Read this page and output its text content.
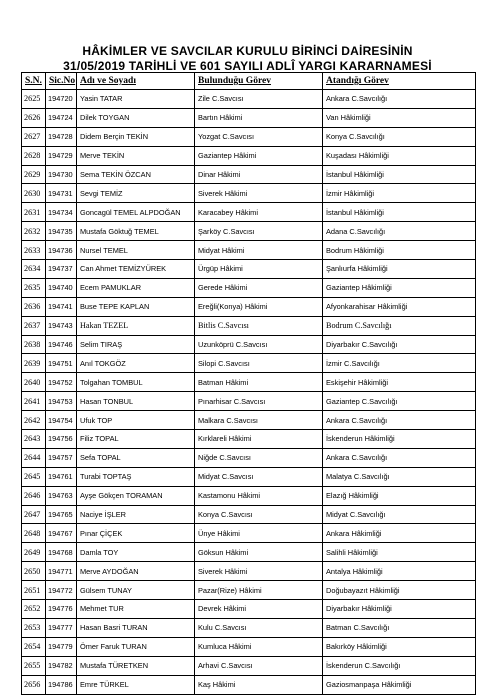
HÂKİMLER VE SAVCILAR KURULU BİRİNCİ DAİRESİNİN
31/05/2019 TARİHLİ VE 601 SAYILI ADLÎ YARGI KARARNAMESİ
S.N.	Sic.No	Adı ve Soyadı	Bulunduğu Görev	Atandığı Görev
2625	194720	Yasin TATAR	Zile C.Savcısı	Ankara C.Savcılığı
2626	194724	Dilek TOYGAN	Bartın Hâkimi	Van Hâkimliği
2627	194728	Didem Berçin TEKİN	Yozgat C.Savcısı	Konya C.Savcılığı
2628	194729	Merve TEKİN	Gaziantep Hâkimi	Kuşadası Hâkimliği
2629	194730	Sema TEKİN ÖZCAN	Dinar Hâkimi	İstanbul Hâkimliği
2630	194731	Sevgi TEMİZ	Siverek Hâkimi	İzmir Hâkimliği
2631	194734	Goncagül TEMEL ALPDOĞAN	Karacabey Hâkimi	İstanbul Hâkimliği
2632	194735	Mustafa Göktuğ TEMEL	Şarköy C.Savcısı	Adana C.Savcılığı
2633	194736	Nursel TEMEL	Midyat Hâkimi	Bodrum Hâkimliği
2634	194737	Can Ahmet TEMİZYÜREK	Ürgüp Hâkimi	Şanlıurfa Hâkimliği
2635	194740	Ecem PAMUKLAR	Gerede Hâkimi	Gaziantep Hâkimliği
2636	194741	Buse TEPE KAPLAN	Ereğli(Konya) Hâkimi	Afyonkarahisar Hâkimliği
2637	194743	Hakan TEZEL	Bitlis C.Savcısı	Bodrum C.Savcılığı
2638	194746	Selim TIRAŞ	Uzunköprü C.Savcısı	Diyarbakır C.Savcılığı
2639	194751	Anıl TOKGÖZ	Silopi C.Savcısı	İzmir C.Savcılığı
2640	194752	Tolgahan TOMBUL	Batman Hâkimi	Eskişehir Hâkimliği
2641	194753	Hasan TONBUL	Pınarhisar C.Savcısı	Gaziantep C.Savcılığı
2642	194754	Ufuk TOP	Malkara C.Savcısı	Ankara C.Savcılığı
2643	194756	Filiz TOPAL	Kırklareli Hâkimi	İskenderun Hâkimliği
2644	194757	Sefa TOPAL	Niğde C.Savcısı	Ankara C.Savcılığı
2645	194761	Turabi TOPTAŞ	Midyat C.Savcısı	Malatya C.Savcılığı
2646	194763	Ayşe Gökçen TORAMAN	Kastamonu Hâkimi	Elazığ Hâkimliği
2647	194765	Naciye İŞLER	Konya C.Savcısı	Midyat C.Savcılığı
2648	194767	Pınar ÇİÇEK	Ünye Hâkimi	Ankara Hâkimliği
2649	194768	Damla TOY	Göksun Hâkimi	Salihli Hâkimliği
2650	194771	Merve AYDOĞAN	Siverek Hâkimi	Antalya Hâkimliği
2651	194772	Gülsem TUNAY	Pazar(Rize) Hâkimi	Doğubayazıt Hâkimliği
2652	194776	Mehmet TUR	Devrek Hâkimi	Diyarbakır Hâkimliği
2653	194777	Hasan Basri TURAN	Kulu C.Savcısı	Batman C.Savcılığı
2654	194779	Ömer Faruk TURAN	Kumluca Hâkimi	Bakırköy Hâkimliği
2655	194782	Mustafa TÜRETKEN	Arhavi C.Savcısı	İskenderun C.Savcılığı
2656	194786	Emre TÜRKEL	Kaş Hâkimi	Gaziosmanpaşa Hâkimliği
